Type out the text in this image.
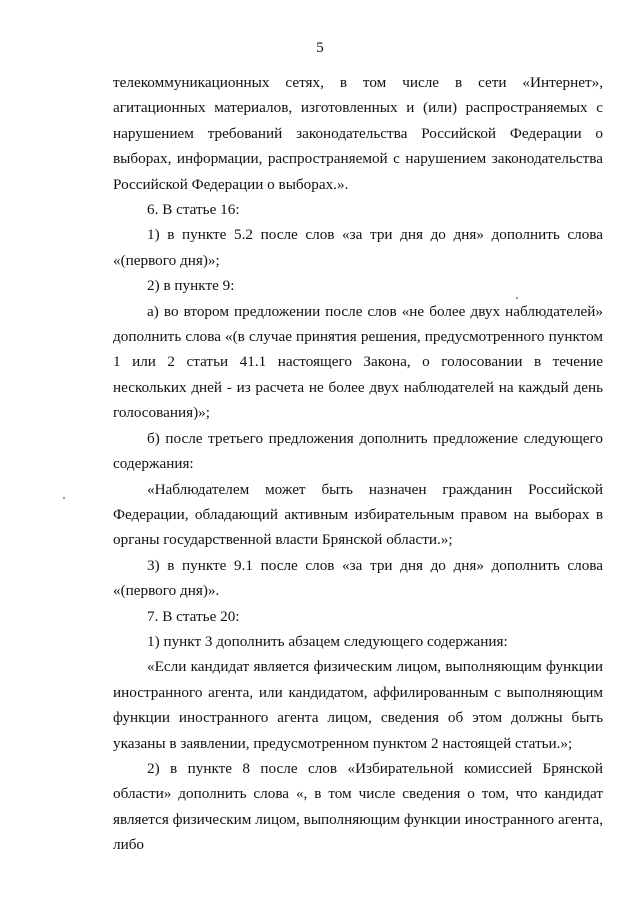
5

телекоммуникационных сетях, в том числе в сети «Интернет», агитационных материалов, изготовленных и (или) распространяемых с нарушением требований законодательства Российской Федерации о выборах, информации, распространяемой с нарушением законодательства Российской Федерации о выборах.».

6. В статье 16:

1) в пункте 5.2 после слов «за три дня до дня» дополнить слова «(первого дня)»;

2) в пункте 9:

а) во втором предложении после слов «не более двух наблюдателей» дополнить слова «(в случае принятия решения, предусмотренного пунктом 1 или 2 статьи 41.1 настоящего Закона, о голосовании в течение нескольких дней - из расчета не более двух наблюдателей на каждый день голосования)»;

б) после третьего предложения дополнить предложение следующего содержания:

«Наблюдателем может быть назначен гражданин Российской Федерации, обладающий активным избирательным правом на выборах в органы государственной власти Брянской области.»;

3) в пункте 9.1 после слов «за три дня до дня» дополнить слова «(первого дня)».

7. В статье 20:

1) пункт 3 дополнить абзацем следующего содержания:

«Если кандидат является физическим лицом, выполняющим функции иностранного агента, или кандидатом, аффилированным с выполняющим функции иностранного агента лицом, сведения об этом должны быть указаны в заявлении, предусмотренном пунктом 2 настоящей статьи.»;

2) в пункте 8 после слов «Избирательной комиссией Брянской области» дополнить слова «, в том числе сведения о том, что кандидат является физическим лицом, выполняющим функции иностранного агента, либо
